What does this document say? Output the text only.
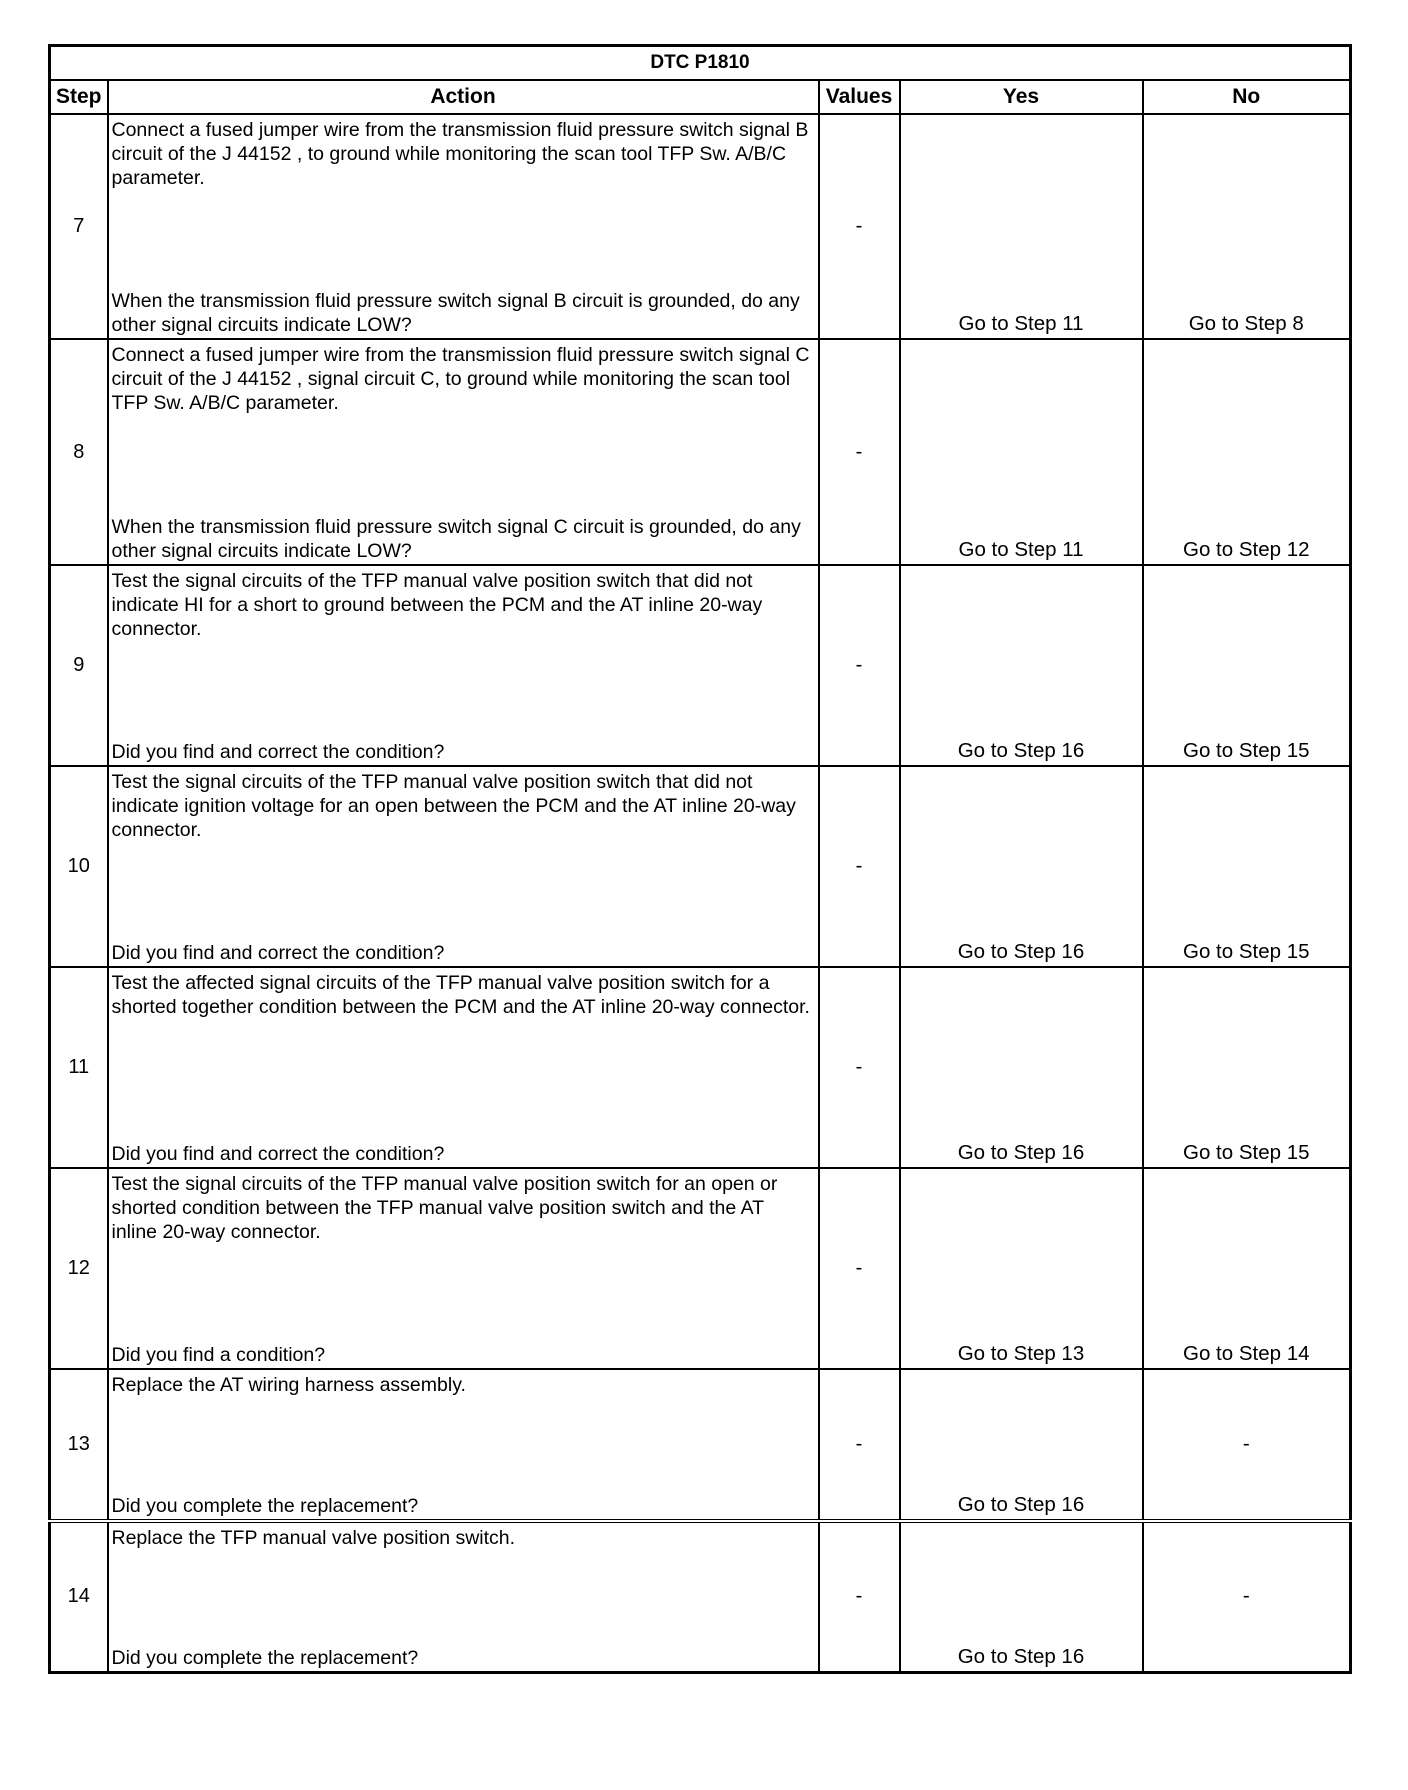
DTC P1810				
Step	Action	Values	Yes	No
7	Connect a fused jumper wire from the transmission fluid pressure switch signal B circuit of the J 44152 , to ground while monitoring the scan tool TFP Sw. A/B/C parameter.
When the transmission fluid pressure switch signal B circuit is grounded, do any other signal circuits indicate LOW?	-	Go to Step 11	Go to Step 8
8	Connect a fused jumper wire from the transmission fluid pressure switch signal C circuit of the J 44152 , signal circuit C, to ground while monitoring the scan tool TFP Sw. A/B/C parameter.
When the transmission fluid pressure switch signal C circuit is grounded, do any other signal circuits indicate LOW?	-	Go to Step 11	Go to Step 12
9	Test the signal circuits of the TFP manual valve position switch that did not indicate HI for a short to ground between the PCM and the AT inline 20-way connector.
Did you find and correct the condition?	-	Go to Step 16	Go to Step 15
10	Test the signal circuits of the TFP manual valve position switch that did not indicate ignition voltage for an open between the PCM and the AT inline 20-way connector.
Did you find and correct the condition?	-	Go to Step 16	Go to Step 15
11	Test the affected signal circuits of the TFP manual valve position switch for a shorted together condition between the PCM and the AT inline 20-way connector.
Did you find and correct the condition?	-	Go to Step 16	Go to Step 15
12	Test the signal circuits of the TFP manual valve position switch for an open or shorted condition between the TFP manual valve position switch and the AT inline 20-way connector.
Did you find a condition?	-	Go to Step 13	Go to Step 14
13	Replace the AT wiring harness assembly.
Did you complete the replacement?	-	Go to Step 16	-
14	Replace the TFP manual valve position switch.
Did you complete the replacement?	-	Go to Step 16	-
